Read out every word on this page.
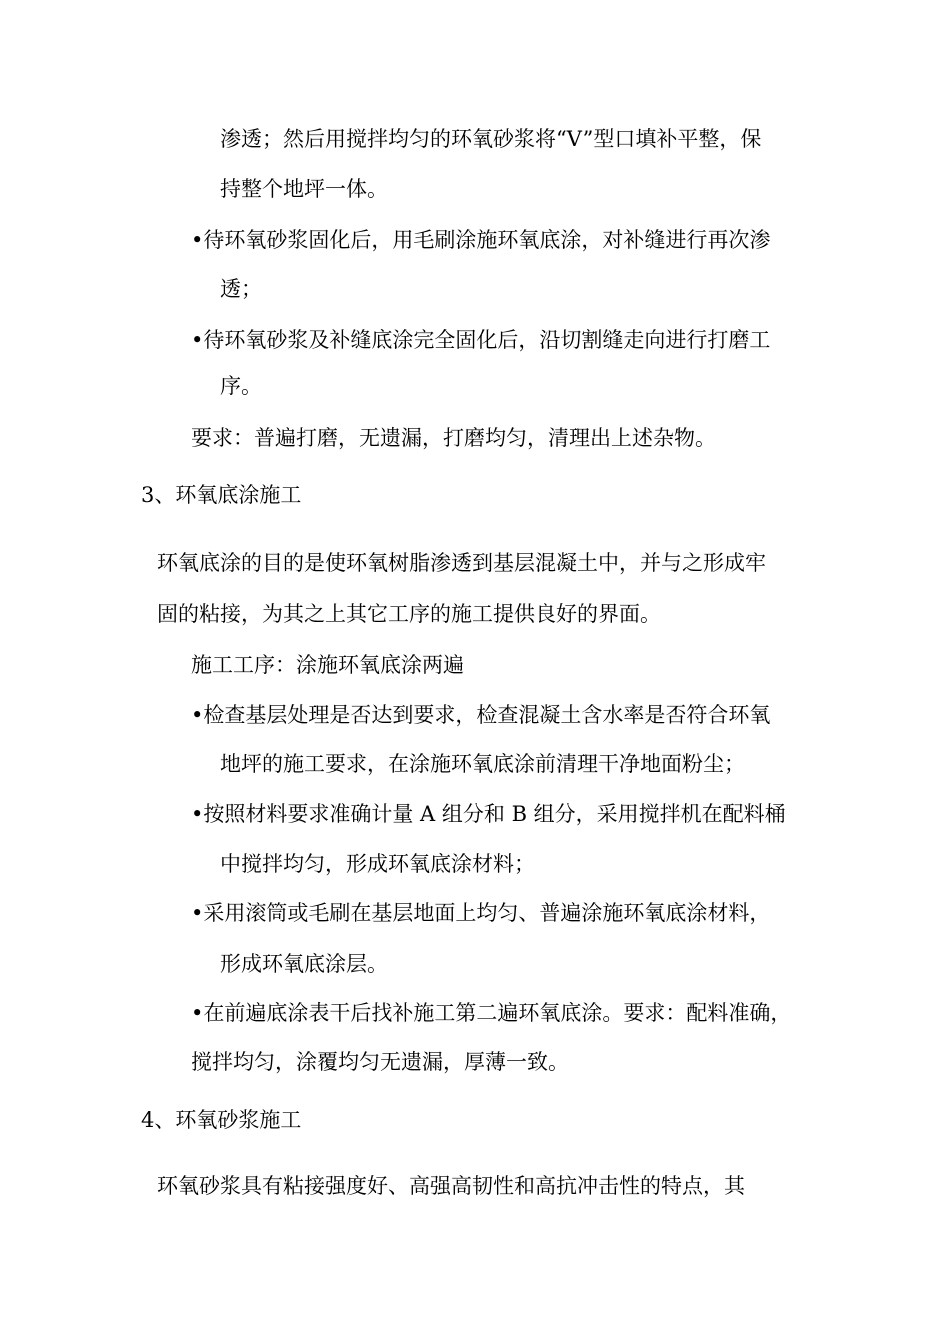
渗透；然后用搅拌均匀的环氧砂浆将“V”型口填补平整，保
持整个地坪一体。
•待环氧砂浆固化后，用毛刷涂施环氧底涂，对补缝进行再次渗
透；
•待环氧砂浆及补缝底涂完全固化后，沿切割缝走向进行打磨工
序。
要求：普遍打磨，无遗漏，打磨均匀，清理出上述杂物。
3、环氧底涂施工
环氧底涂的目的是使环氧树脂渗透到基层混凝土中，并与之形成牢
固的粘接，为其之上其它工序的施工提供良好的界面。
施工工序：涂施环氧底涂两遍
•检查基层处理是否达到要求，检查混凝土含水率是否符合环氧
地坪的施工要求，在涂施环氧底涂前清理干净地面粉尘；
•按照材料要求准确计量 A 组分和 B 组分，采用搅拌机在配料桶
中搅拌均匀，形成环氧底涂材料；
•采用滚筒或毛刷在基层地面上均匀、普遍涂施环氧底涂材料，
形成环氧底涂层。
•在前遍底涂表干后找补施工第二遍环氧底涂。要求：配料准确，
搅拌均匀，涂覆均匀无遗漏，厚薄一致。
4、环氧砂浆施工
环氧砂浆具有粘接强度好、高强高韧性和高抗冲击性的特点，其
